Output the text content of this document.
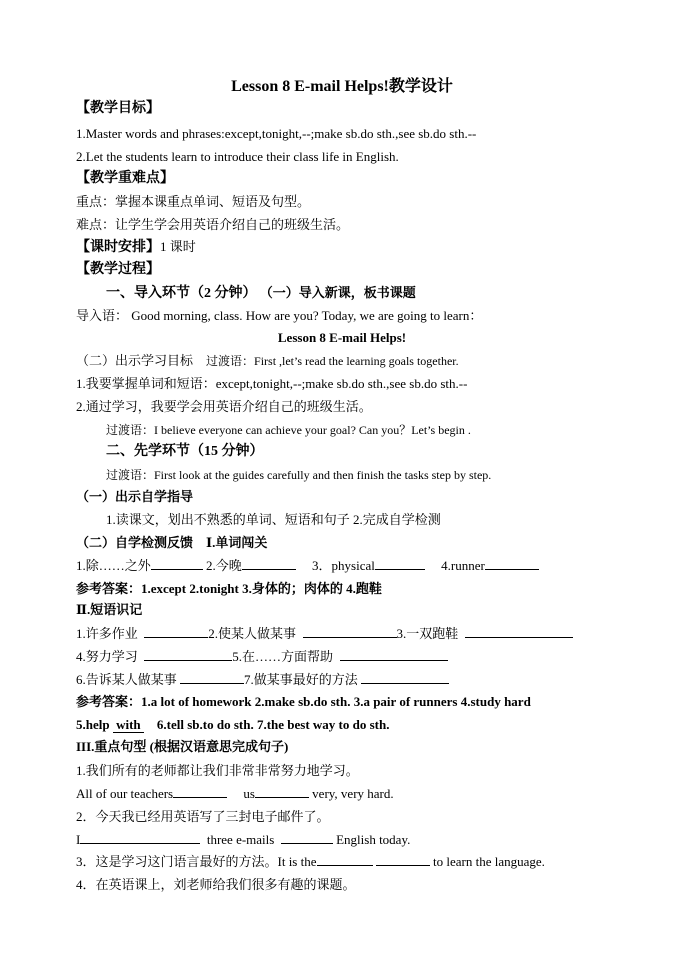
Lesson 8 E-mail Helps!教学设计
【教学目标】
1.Master words and phrases:except,tonight,--;make sb.do sth.,see sb.do sth.--
2.Let the students learn to introduce their class life in English.
【教学重难点】
重点：掌握本课重点单词、短语及句型。
难点：让学生学会用英语介绍自己的班级生活。
【课时安排】1 课时
【教学过程】
一、导入环节（2 分钟） （一）导入新课，板书课题
导入语： Good morning, class. How are you? Today, we are going to learn：
Lesson 8 E-mail Helps!
（二）出示学习目标 过渡语：First ,let’s read the learning goals together.
1.我要掌握单词和短语：except,tonight,--;make sb.do sth.,see sb.do sth.--
2.通过学习，我要学会用英语介绍自己的班级生活。
过渡语：I believe everyone can achieve your goal? Can you？Let’s begin .
二、先学环节（15 分钟）
过渡语：First look at the guides carefully and then finish the tasks step by step.
（一）出示自学指导
1.读课文，划出不熟悉的单词、短语和句子 2.完成自学检测
（二）自学检测反馈 Ⅰ.单词闯关
1.除……之外	2.今晚	3．physical	4.runner
参考答案：1.except 2.tonight 3.身体的；肉体的 4.跑鞋
Ⅱ.短语识记
1.许多作业	2.使某人做某事	3.一双跑鞋
4.努力学习	5.在……方面帮助
6.告诉某人做某事	7.做某事最好的方法
参考答案：1.a lot of homework 2.make sb.do sth. 3.a pair of runners 4.study hard
5.help with 6.tell sb.to do sth. 7.the best way to do sth.
III.重点句型 (根据汉语意思完成句子)
1.我们所有的老师都让我们非常非常努力地学习。
All of our teachers	us	very, very hard.
2．今天我已经用英语写了三封电子邮件了。
I	three e-mails	English today.
3．这是学习这门语言最好的方法。It is the	to learn the language.
4．在英语课上，刘老师给我们很多有趣的课题。
